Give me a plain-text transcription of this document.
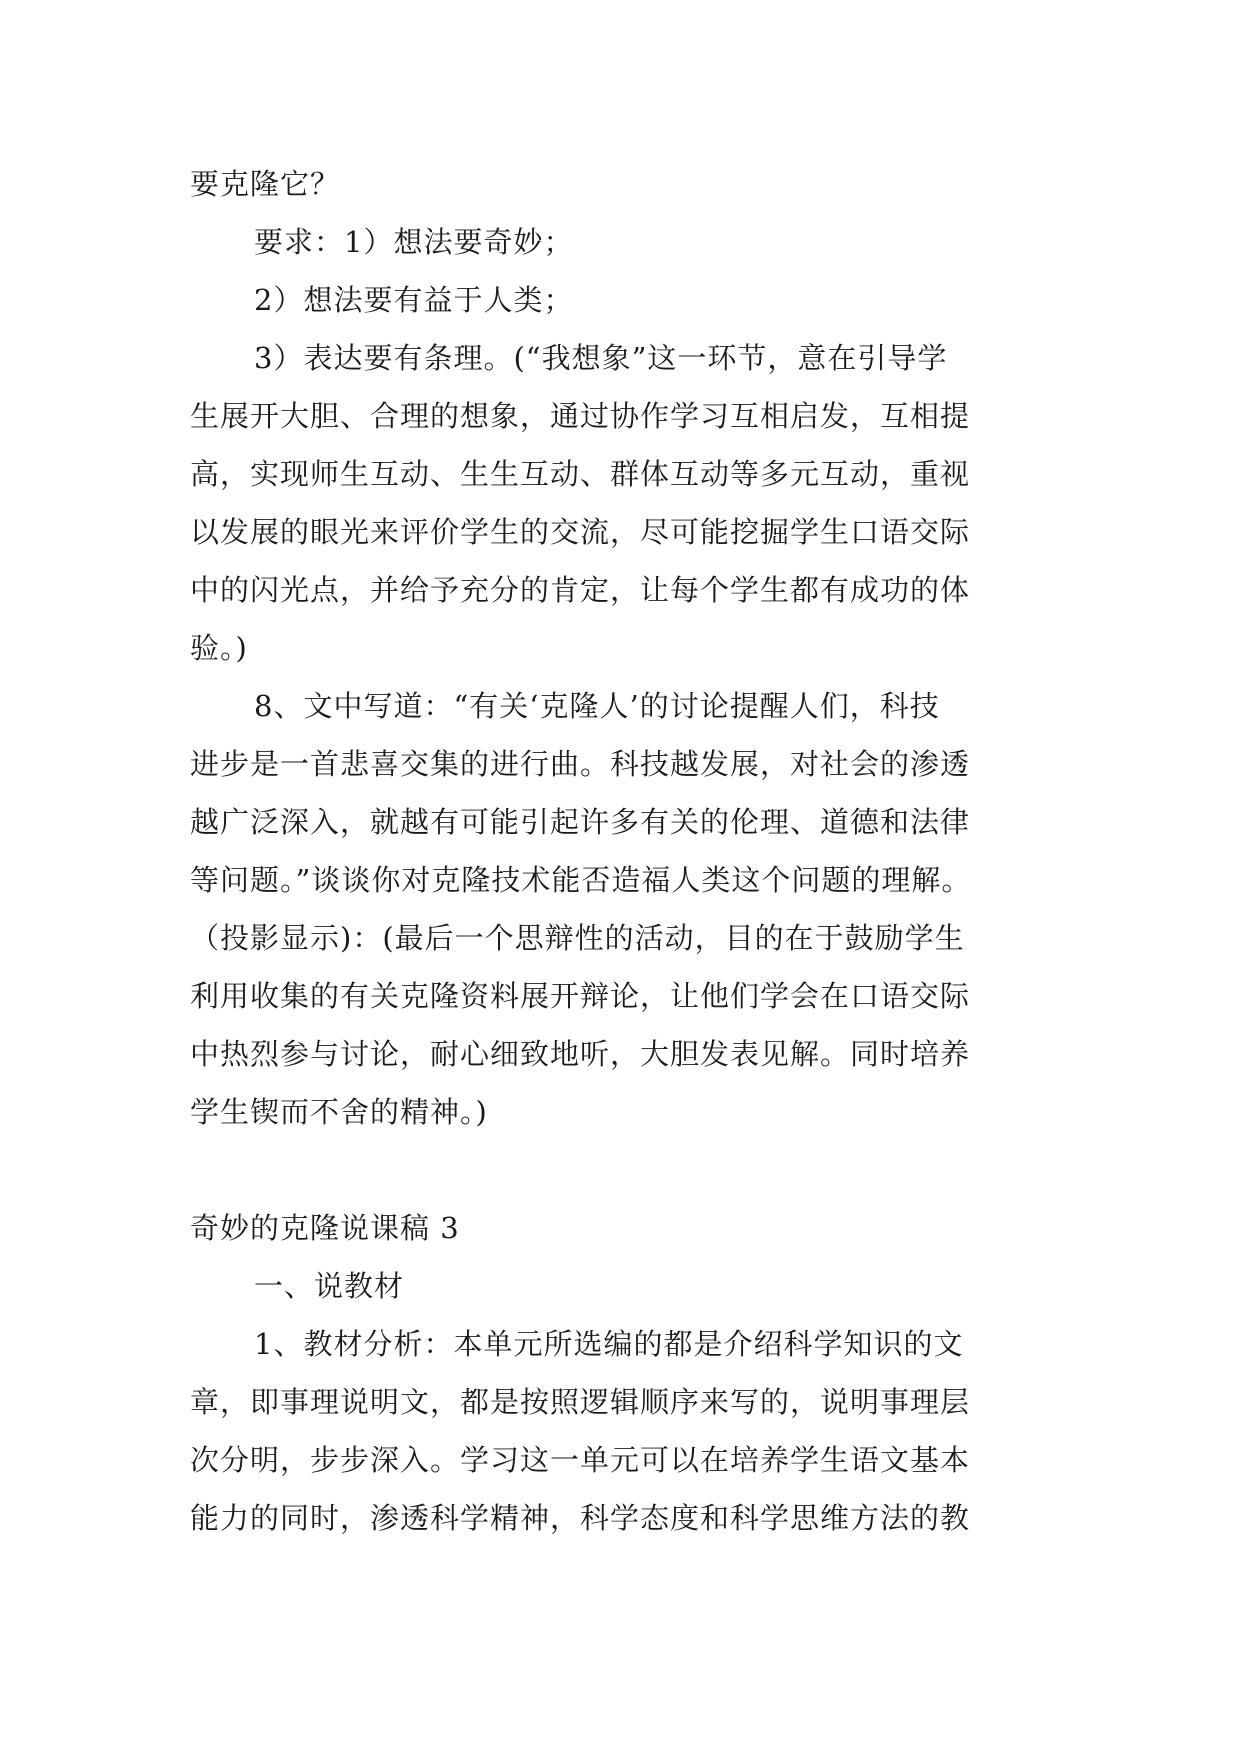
要克隆它？
要求：1）想法要奇妙；
2）想法要有益于人类；
3）表达要有条理。(“我想象”这一环节，意在引导学
生展开大胆、合理的想象，通过协作学习互相启发，互相提
高，实现师生互动、生生互动、群体互动等多元互动，重视
以发展的眼光来评价学生的交流，尽可能挖掘学生口语交际
中的闪光点，并给予充分的肯定，让每个学生都有成功的体
验。)
8、文中写道：“有关‘克隆人’的讨论提醒人们，科技
进步是一首悲喜交集的进行曲。科技越发展，对社会的渗透
越广泛深入，就越有可能引起许多有关的伦理、道德和法律
等问题。”谈谈你对克隆技术能否造福人类这个问题的理解。
（投影显示)：(最后一个思辩性的活动，目的在于鼓励学生
利用收集的有关克隆资料展开辩论，让他们学会在口语交际
中热烈参与讨论，耐心细致地听，大胆发表见解。同时培养
学生锲而不舍的精神。)
奇妙的克隆说课稿 3
一、说教材
1、教材分析：本单元所选编的都是介绍科学知识的文
章，即事理说明文，都是按照逻辑顺序来写的，说明事理层
次分明，步步深入。学习这一单元可以在培养学生语文基本
能力的同时，渗透科学精神，科学态度和科学思维方法的教
